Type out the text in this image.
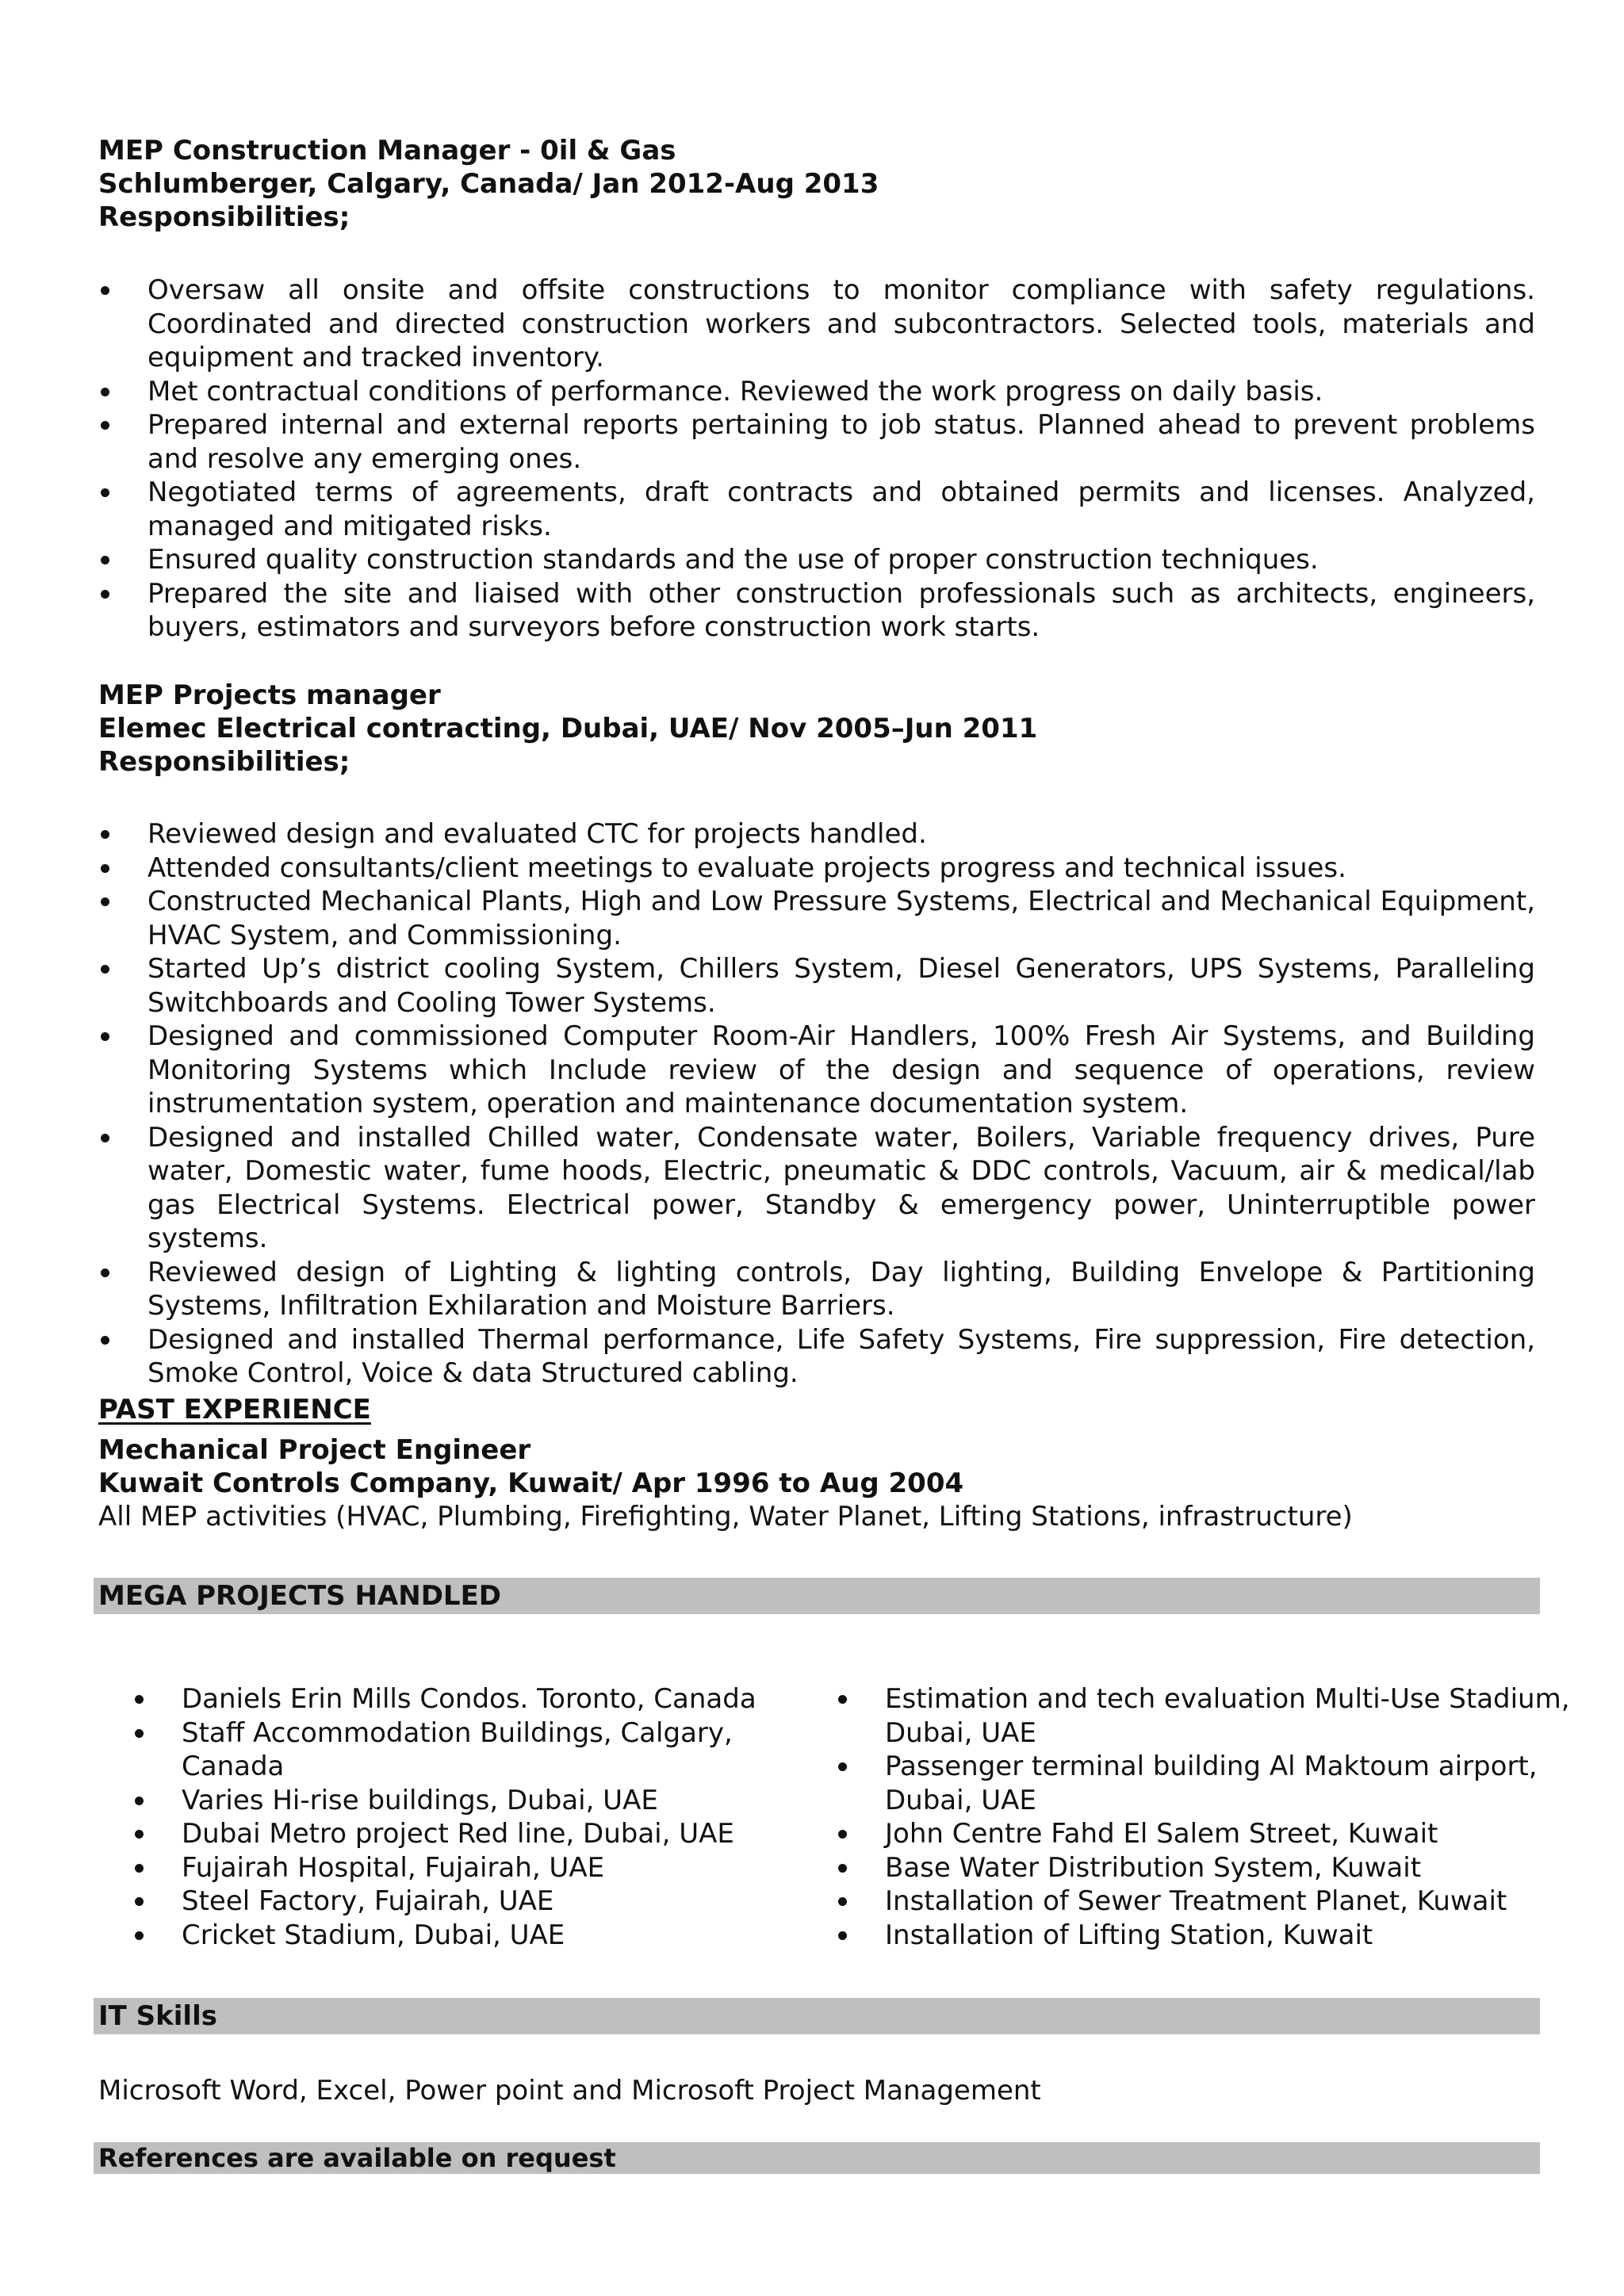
MEP Construction Manager - 0il & Gas

Schlumberger, Calgary, Canada/ Jan 2012-Aug 2013

Responsibilities;

Oversaw all onsite and offsite constructions to monitor compliance with safety regulations. Coordinated and directed construction workers and subcontractors. Selected tools, materials and equipment and tracked inventory.
Met contractual conditions of performance. Reviewed the work progress on daily basis.
Prepared internal and external reports pertaining to job status. Planned ahead to prevent problems and resolve any emerging ones.
Negotiated terms of agreements, draft contracts and obtained permits and licenses. Analyzed, managed and mitigated risks.
Ensured quality construction standards and the use of proper construction techniques.
Prepared the site and liaised with other construction professionals such as architects, engineers, buyers, estimators and surveyors before construction work starts.

MEP Projects manager

Elemec Electrical contracting, Dubai, UAE/ Nov 2005–Jun 2011

Responsibilities;

Reviewed design and evaluated CTC for projects handled.
Attended consultants/client meetings to evaluate projects progress and technical issues.
Constructed Mechanical Plants, High and Low Pressure Systems, Electrical and Mechanical Equipment, HVAC System, and Commissioning.
Started Up’s district cooling System, Chillers System, Diesel Generators, UPS Systems, Paralleling Switchboards and Cooling Tower Systems.
Designed and commissioned Computer Room-Air Handlers, 100% Fresh Air Systems, and Building Monitoring Systems which Include review of the design and sequence of operations, review instrumentation system, operation and maintenance documentation system.
Designed and installed Chilled water, Condensate water, Boilers, Variable frequency drives, Pure water, Domestic water, fume hoods, Electric, pneumatic & DDC controls, Vacuum, air & medical/lab gas Electrical Systems. Electrical power, Standby & emergency power, Uninterruptible power systems.
Reviewed design of Lighting & lighting controls, Day lighting, Building Envelope & Partitioning Systems, Infiltration Exhilaration and Moisture Barriers.
Designed and installed Thermal performance, Life Safety Systems, Fire suppression, Fire detection, Smoke Control, Voice & data Structured cabling.

PAST EXPERIENCE

Mechanical Project Engineer

Kuwait Controls Company, Kuwait/ Apr 1996 to Aug 2004

All MEP activities (HVAC, Plumbing, Firefighting, Water Planet, Lifting Stations, infrastructure)

MEGA PROJECTS HANDLED
Daniels Erin Mills Condos. Toronto, Canada
Staff Accommodation Buildings, Calgary, Canada
Varies Hi-rise buildings, Dubai, UAE
Dubai Metro project Red line, Dubai, UAE
Fujairah Hospital, Fujairah, UAE
Steel Factory, Fujairah, UAE
Cricket Stadium, Dubai, UAE
Estimation and tech evaluation Multi-Use Stadium, Dubai, UAE
Passenger terminal building Al Maktoum airport, Dubai, UAE
John Centre Fahd El Salem Street, Kuwait
Base Water Distribution System, Kuwait
Installation of Sewer Treatment Planet, Kuwait
Installation of Lifting Station, Kuwait
IT Skills

Microsoft Word, Excel, Power point and Microsoft Project Management

References are available on request
